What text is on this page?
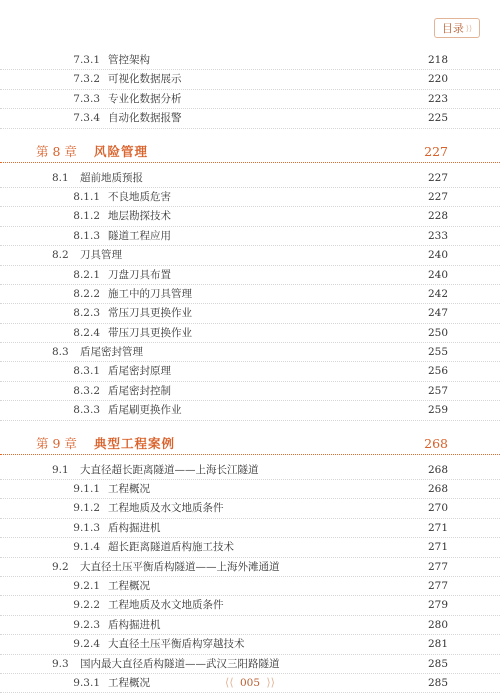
目录 ⟩⟩
7.3.1 管控架构	218
7.3.2 可视化数据展示	220
7.3.3 专业化数据分析	223
7.3.4 自动化数据报警	225
第 8 章 风险管理	227
8.1 超前地质预报	227
8.1.1 不良地质危害	227
8.1.2 地层勘探技术	228
8.1.3 隧道工程应用	233
8.2 刀具管理	240
8.2.1 刀盘刀具布置	240
8.2.2 施工中的刀具管理	242
8.2.3 常压刀具更换作业	247
8.2.4 带压刀具更换作业	250
8.3 盾尾密封管理	255
8.3.1 盾尾密封原理	256
8.3.2 盾尾密封控制	257
8.3.3 盾尾刷更换作业	259
第 9 章 典型工程案例	268
9.1 大直径超长距离隧道——上海长江隧道	268
9.1.1 工程概况	268
9.1.2 工程地质及水文地质条件	270
9.1.3 盾构掘进机	271
9.1.4 超长距离隧道盾构施工技术	271
9.2 大直径土压平衡盾构隧道——上海外滩通道	277
9.2.1 工程概况	277
9.2.2 工程地质及水文地质条件	279
9.2.3 盾构掘进机	280
9.2.4 大直径土压平衡盾构穿越技术	281
9.3 国内最大直径盾构隧道——武汉三阳路隧道	285
9.3.1 工程概况	285
⟨⟨ 005 ⟩⟩
